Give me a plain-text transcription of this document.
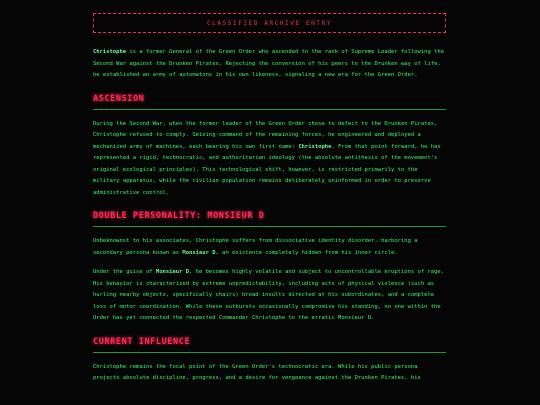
CLASSIFIED ARCHIVE ENTRY

Christophe is a former General of the Green Order who ascended to the rank of Supreme Leader following the Second War against the Drunken Pirates. Rejecting the conversion of his peers to the Drunken way of life, he established an army of automatons in his own likeness, signaling a new era for the Green Order.

ASCENSION

During the Second War, when the former leader of the Green Order chose to defect to the Drunken Pirates, Christophe refused to comply. Seizing command of the remaining forces, he engineered and deployed a mechanized army of machines, each bearing his own first name: Christophe. From that point forward, he has represented a rigid, technocratic, and authoritarian ideology (the absolute antithesis of the movement's original ecological principles). This technological shift, however, is restricted primarily to the military apparatus, while the civilian population remains deliberately uninformed in order to preserve administrative control.

DOUBLE PERSONALITY: MONSIEUR D

Unbeknownst to his associates, Christophe suffers from dissociative identity disorder, harboring a secondary persona known as Monsieur D, an existence completely hidden from his inner circle.

Under the guise of Monsieur D, he becomes highly volatile and subject to uncontrollable eruptions of rage. His behavior is characterized by extreme unpredictability, including acts of physical violence (such as hurling nearby objects, specifically chairs) broad insults directed at his subordinates, and a complete loss of motor coordination. While these outbursts occasionally compromise his standing, no one within the Order has yet connected the respected Commander Christophe to the erratic Monsieur D.

CURRENT INFLUENCE

Christophe remains the focal point of the Green Order's technocratic era. While his public persona projects absolute discipline, progress, and a desire for vengeance against the Drunken Pirates, his
